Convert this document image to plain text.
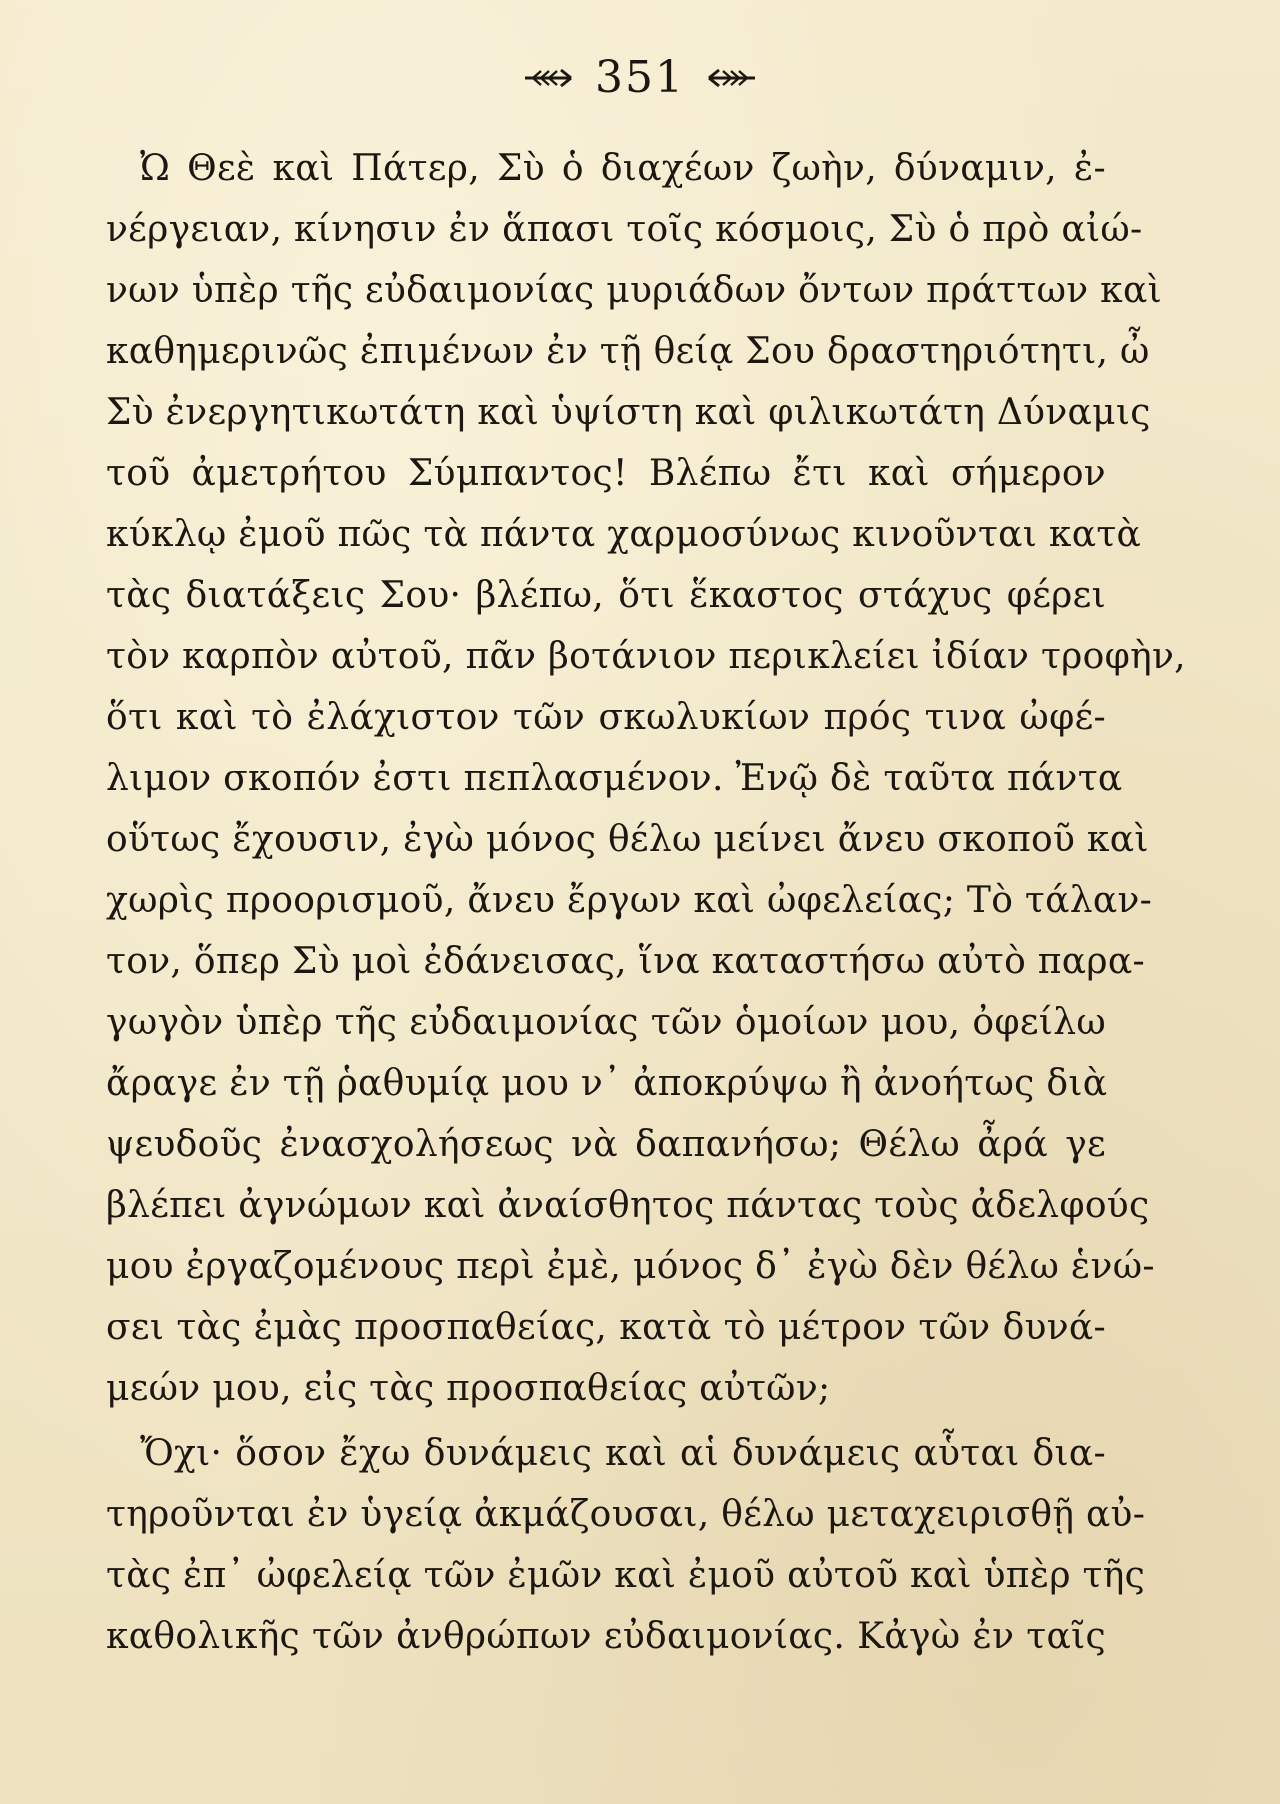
351
Ὠ Θεὲ καὶ Πάτερ, Σὺ ὁ διαχέων ζωὴν, δύναμιν, ἐ-
νέργειαν, κίνησιν ἐν ἅπασι τοῖς κόσμοις, Σὺ ὁ πρὸ αἰώ-
νων ὑπὲρ τῆς εὐδαιμονίας μυριάδων ὄντων πράττων καὶ
καθημερινῶς ἐπιμένων ἐν τῇ θείᾳ Σου δραστηριότητι, ὦ
Σὺ ἐνεργητικωτάτη καὶ ὑψίστη καὶ φιλικωτάτη Δύναμις
τοῦ ἀμετρήτου Σύμπαντος! Βλέπω ἔτι καὶ σήμερον
κύκλῳ ἐμοῦ πῶς τὰ πάντα χαρμοσύνως κινοῦνται κατὰ
τὰς διατάξεις Σου· βλέπω, ὅτι ἕκαστος στάχυς φέρει
τὸν καρπὸν αὐτοῦ, πᾶν βοτάνιον περικλείει ἰδίαν τροφὴν,
ὅτι καὶ τὸ ἐλάχιστον τῶν σκωλυκίων πρός τινα ὠφέ-
λιμον σκοπόν ἐστι πεπλασμένον. Ἐνῷ δὲ ταῦτα πάντα
οὕτως ἔχουσιν, ἐγὼ μόνος θέλω μείνει ἄνευ σκοποῦ καὶ
χωρὶς προορισμοῦ, ἄνευ ἔργων καὶ ὠφελείας; Τὸ τάλαν-
τον, ὅπερ Σὺ μοὶ ἐδάνεισας, ἵνα καταστήσω αὐτὸ παρα-
γωγὸν ὑπὲρ τῆς εὐδαιμονίας τῶν ὁμοίων μου, ὀφείλω
ἄραγε ἐν τῇ ῥαθυμίᾳ μου ν᾽ ἀποκρύψω ἢ ἀνοήτως διὰ
ψευδοῦς ἐνασχολήσεως νὰ δαπανήσω; Θέλω ἆρά γε
βλέπει ἀγνώμων καὶ ἀναίσθητος πάντας τοὺς ἀδελφούς
μου ἐργαζομένους περὶ ἐμὲ, μόνος δ᾽ ἐγὼ δὲν θέλω ἑνώ-
σει τὰς ἐμὰς προσπαθείας, κατὰ τὸ μέτρον τῶν δυνά-
μεών μου, εἰς τὰς προσπαθείας αὐτῶν;
Ὄχι· ὅσον ἔχω δυνάμεις καὶ αἱ δυνάμεις αὗται δια-
τηροῦνται ἐν ὑγείᾳ ἀκμάζουσαι, θέλω μεταχειρισθῇ αὐ-
τὰς ἐπ᾽ ὠφελείᾳ τῶν ἐμῶν καὶ ἐμοῦ αὐτοῦ καὶ ὑπὲρ τῆς
καθολικῆς τῶν ἀνθρώπων εὐδαιμονίας. Κἀγὼ ἐν ταῖς
